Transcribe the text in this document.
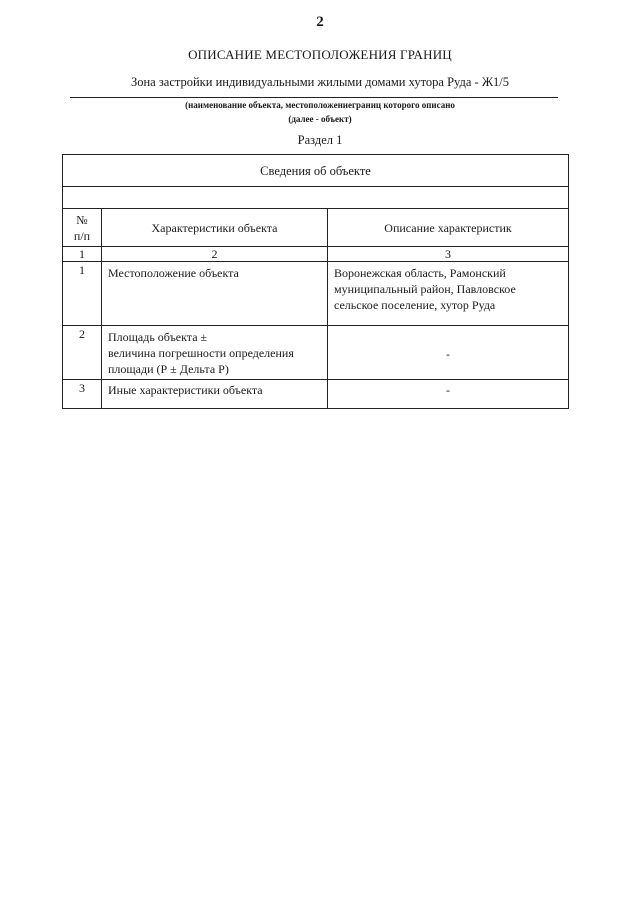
2
ОПИСАНИЕ МЕСТОПОЛОЖЕНИЯ ГРАНИЦ
Зона застройки индивидуальными жилыми домами хутора Руда - Ж1/5
(наименование объекта, местоположениеграниц которого описано
(далее - объект)
Раздел 1
Сведения об объекте		

№
п/п	Характеристики объекта	Описание характеристик
1	2	3
1	Местоположение объекта	Воронежская область, Рамонский
муниципальный район, Павловское
сельское поселение, хутор Руда

2	Площадь объекта ±
величина погрешности определения
площади (Р ± Дельта Р)	-
3	Иные характеристики объекта	-
